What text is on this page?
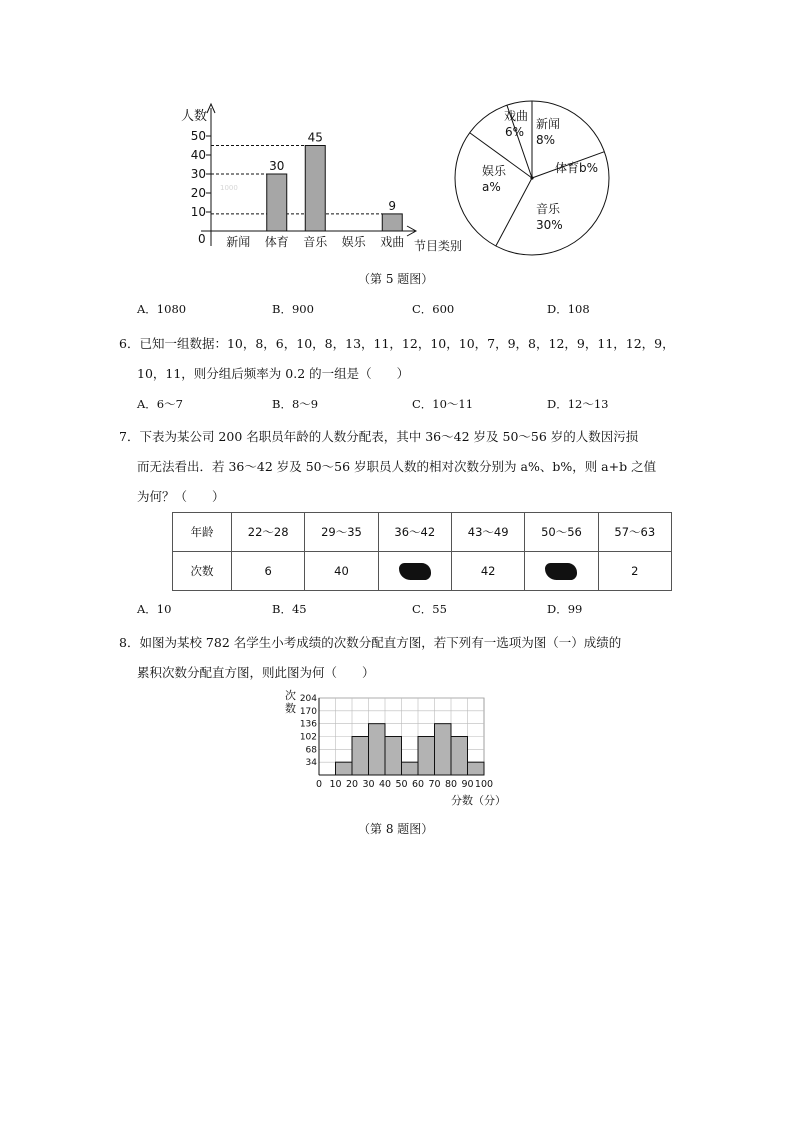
人数
0
1000
10
20
30
40
50
30
45
9
新闻 体育 音乐 娱乐 戏曲 节目类别
新闻
8%
体育b%
音乐
30%
娱乐
a%
戏曲
6%
（第 5 题图）
A．1080	B．900	C．600	D．108
6．已知一组数据：10，8，6，10，8，13，11，12，10，10，7，9，8，12，9，11，12，9，
10，11，则分组后频率为 0.2 的一组是（　　）
A．6～7	B．8～9	C．10～11	D．12～13
7．下表为某公司 200 名职员年龄的人数分配表，其中 36～42 岁及 50～56 岁的人数因污损
而无法看出．若 36～42 岁及 50～56 岁职员人数的相对次数分别为 a%、b%，则 a+b 之值
为何？（　　）
年龄	22～28	29～35	36～42	43～49	50～56	57～63
次数	6	40		42		2
A．10	B．45	C．55	D．99
8．如图为某校 782 名学生小考成绩的次数分配直方图，若下列有一选项为图（一）成绩的
累积次数分配直方图，则此图为何（　　）
次
数
34
68
102
136
170
204
0 10 20 30 40 50 60 70 80 90 100
分数（分）
（第 8 题图）
